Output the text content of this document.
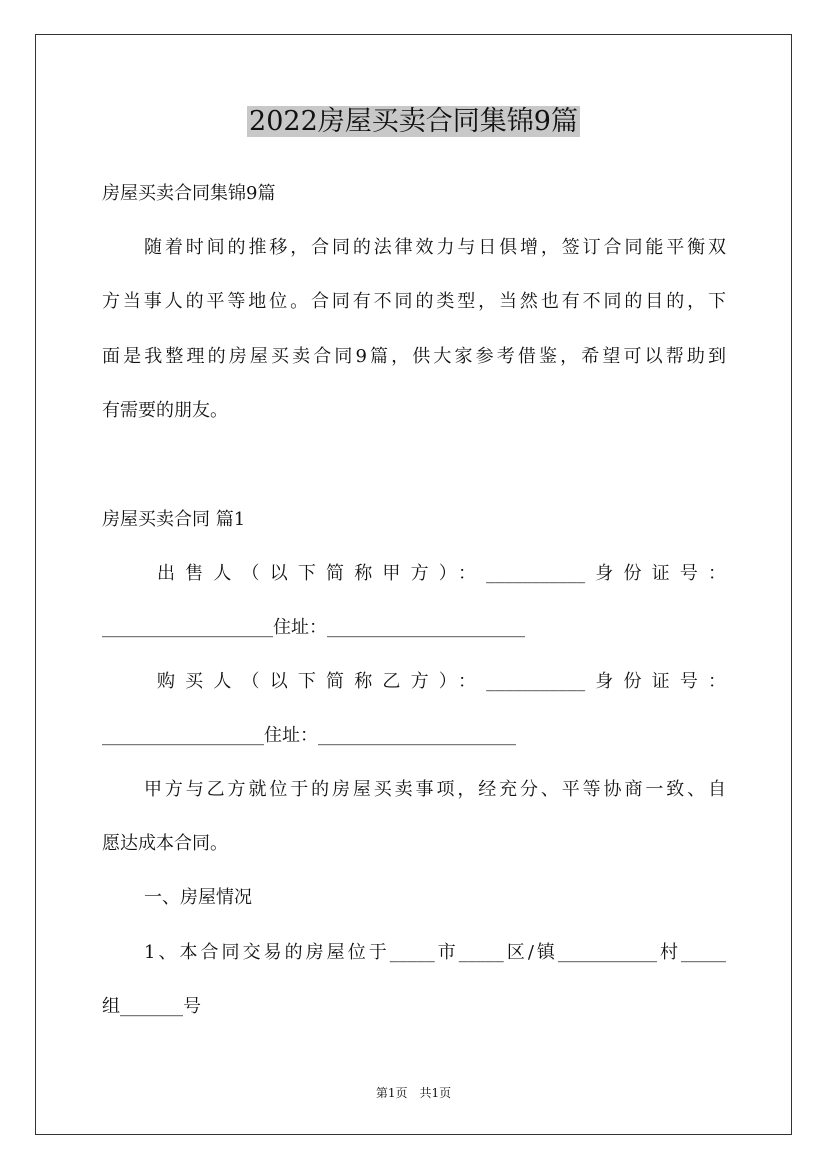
2022房屋买卖合同集锦9篇
房屋买卖合同集锦9篇
随着时间的推移，合同的法律效力与日俱增，签订合同能平衡双
方当事人的平等地位。合同有不同的类型，当然也有不同的目的，下
面是我整理的房屋买卖合同9篇，供大家参考借鉴，希望可以帮助到
有需要的朋友。
房屋买卖合同 篇1
出售人（以下简称甲方）：___________身份证号：
___________________住址：______________________
购买人（以下简称乙方）：___________身份证号：
__________________住址：______________________
甲方与乙方就位于的房屋买卖事项，经充分、平等协商一致、自
愿达成本合同。
一、房屋情况
1、本合同交易的房屋位于_____市_____区/镇___________村_____
组_______号
第1页　共1页
